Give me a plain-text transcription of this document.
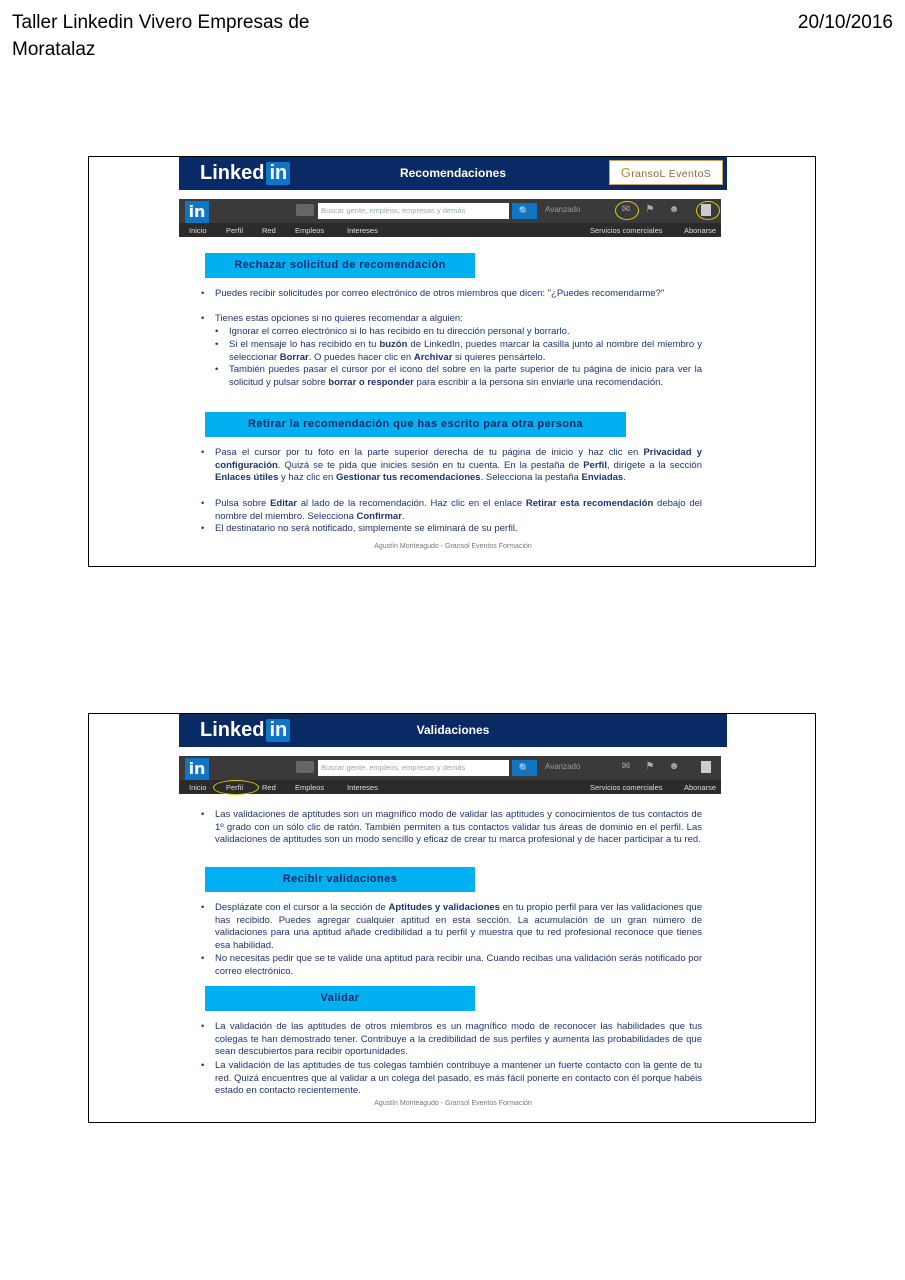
Taller Linkedin Vivero Empresas de Moratalaz
20/10/2016
Linked in	Recomendaciones	GransoL EventoS
in	Buscar gente, empleos, empresas y demás	🔍	Avanzado	✉ ⚑ ☻
Inicio	Perfil	Red	Empleos	Intereses	Servicios comerciales	Abonarse
Rechazar solicitud de recomendación
• Puedes recibir solicitudes por correo electrónico de otros miembros que dicen: "¿Puedes recomendarme?"
• Tienes estas opciones si no quieres recomendar a alguien:
• Ignorar el correo electrónico si lo has recibido en tu dirección personal y borrarlo.
• Si el mensaje lo has recibido en tu buzón de LinkedIn, puedes marcar la casilla junto al nombre del miembro y seleccionar Borrar. O puedes hacer clic en Archivar si quieres pensártelo.
• También puedes pasar el cursor por el icono del sobre en la parte superior de tu página de inicio para ver la solicitud y pulsar sobre borrar o responder para escribir a la persona sin enviarle una recomendación.
Retirar la recomendación que has escrito para otra persona
• Pasa el cursor por tu foto en la parte superior derecha de tu página de inicio y haz clic en Privacidad y configuración. Quizá se te pida que inicies sesión en tu cuenta. En la pestaña de Perfil, dirígete a la sección Enlaces útiles y haz clic en Gestionar tus recomendaciones. Selecciona la pestaña Enviadas.
• Pulsa sobre Editar al lado de la recomendación. Haz clic en el enlace Retirar esta recomendación debajo del nombre del miembro. Selecciona Confirmar.
• El destinatario no será notificado, simplemente se eliminará de su perfil.
Agustín Monteagudo - Gransol Eventos Formación
Linked in	Validaciones
in	Buscar gente, empleos, empresas y demás	🔍	Avanzado	✉ ⚑ ☻
Inicio	Perfil	Red	Empleos	Intereses	Servicios comerciales	Abonarse
• Las validaciones de aptitudes son un magnífico modo de validar las aptitudes y conocimientos de tus contactos de 1º grado con un sólo clic de ratón. También permiten a tus contactos validar tus áreas de dominio en el perfil. Las validaciones de aptitudes son un modo sencillo y eficaz de crear tu marca profesional y de hacer participar a tu red.
Recibir validaciones
• Desplázate con el cursor a la sección de Aptitudes y validaciones en tu propio perfil para ver las validaciones que has recibido. Puedes agregar cualquier aptitud en esta sección. La acumulación de un gran número de validaciones para una aptitud añade credibilidad a tu perfil y muestra que tu red profesional reconoce que tienes esa habilidad.
• No necesitas pedir que se te valide una aptitud para recibir una. Cuando recibas una validación serás notificado por correo electrónico.
Validar
• La validación de las aptitudes de otros miembros es un magnífico modo de reconocer las habilidades que tus colegas te han demostrado tener. Contribuye a la credibilidad de sus perfiles y aumenta las probabilidades de que sean descubiertos para recibir oportunidades.
• La validación de las aptitudes de tus colegas también contribuye a mantener un fuerte contacto con la gente de tu red. Quizá encuentres que al validar a un colega del pasado, es más fácil ponerte en contacto con él porque habéis estado en contacto recientemente.
Agustín Monteagudo - Gransol Eventos Formación
